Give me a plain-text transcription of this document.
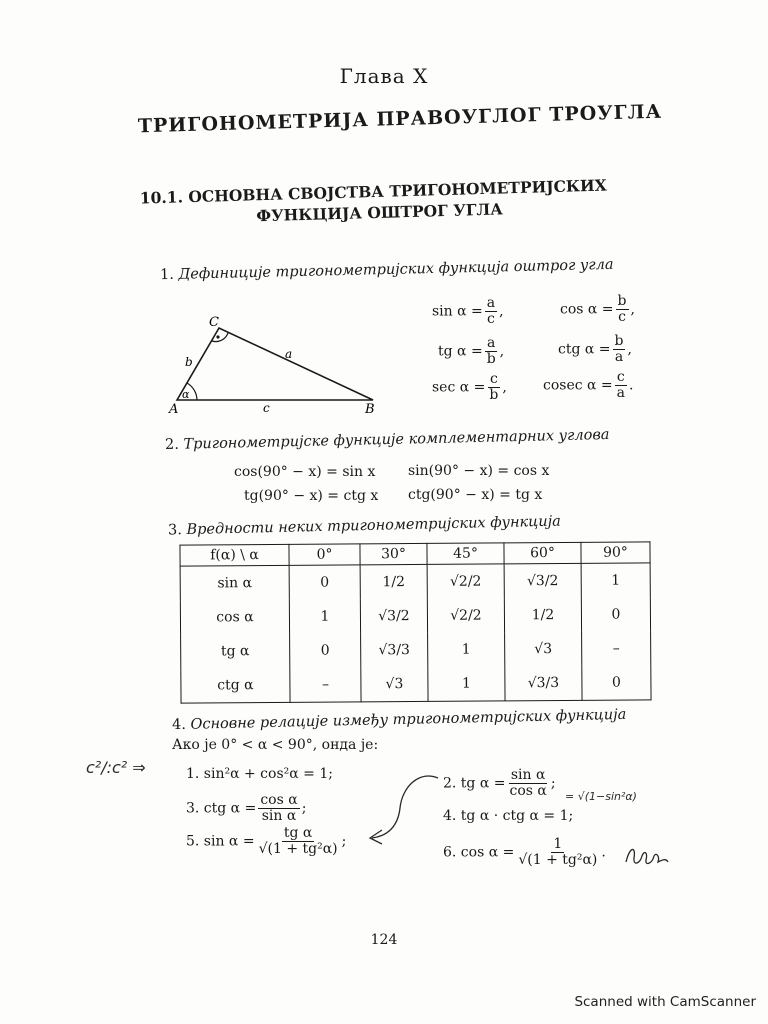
Глава X
ТРИГОНОМЕТРИЈА ПРАВОУГЛОГ ТРОУГЛА
10.1. ОСНОВНА СВОЈСТВА ТРИГОНОМЕТРИЈСКИХ
ФУНКЦИЈА ОШТРОГ УГЛА
1. Дефиниције тригонометријских функција оштрог угла
C
A	B
a
b
c
α
$\sin \alpha = \frac{a}{c}$ ,	$\cos \alpha = \frac{b}{c}$ ,
tg $\alpha = \frac{a}{b}$ ,	ctg $\alpha = \frac{b}{a}$ ,
$\sec \alpha = \frac{c}{b}$ ,	cosec $\alpha = \frac{c}{a}$ .
2. Тригонометријске функције комплементарних углова
cos(90° − x) = sin x sin(90° − x) = cos x
tg(90° − x) = ctg x ctg(90° − x) = tg x
3. Вредности неких тригонометријских функција
f(α) \ α	0°	30°	45°	60°	90°
sin α	0	1/2	√2/2	√3/2	1
cos α	1	√3/2	√2/2	1/2	0
tg α	0	√3/3	1	√3	–
ctg α	–	√3	1	√3/3	0
4. Основне релације између тригонометријских функција
Ако је 0° < α < 90°, онда је:
1. sin²α + cos²α = 1;
2. tg $\alpha = \frac{\text{sin α}}{\text{cos α}}$ ;
3. ctg $\alpha = \frac{\text{cos α}}{\text{sin α}}$ ;	4. tg α · ctg α = 1;
5. $\sin \alpha = \frac{\text{tg α}}{\text{√(1 + tg²α)}}$ ;
6. $\cos \alpha = \frac{1}{\text{√(1 + tg²α)}}$ .
c²/:c² ⇒
= √(1−sin²α)
124
Scanned with CamScanner
